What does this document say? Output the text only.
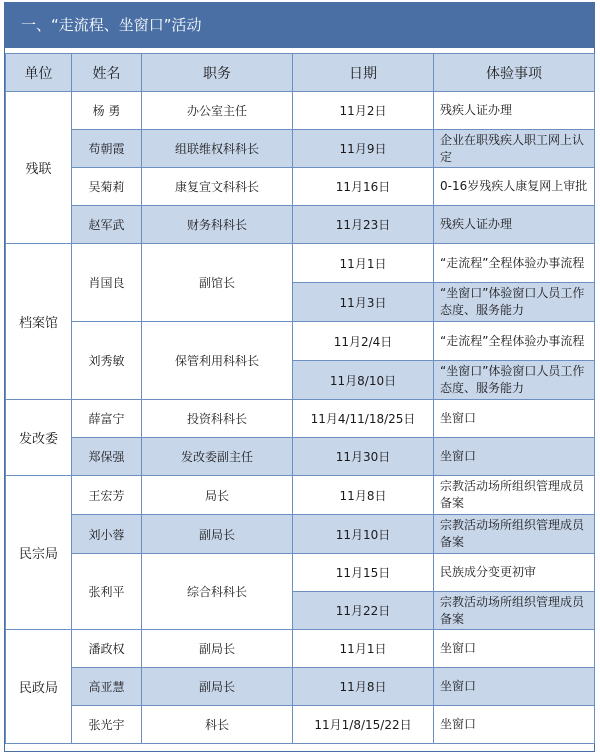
一、“走流程、坐窗口”活动
单位	姓名	职务	日期	体验事项
残联	杨 勇	办公室主任	11月2日	残疾人证办理
	苟朝霞	组联维权科科长	11月9日	企业在职残疾人职工网上认定
	吴菊莉	康复宣文科科长	11月16日	0-16岁残疾人康复网上审批
	赵军武	财务科科长	11月23日	残疾人证办理
档案馆	肖国良	副馆长	11月1日	“走流程”全程体验办事流程
			11月3日	“坐窗口”体验窗口人员工作态度、服务能力
	刘秀敏	保管利用科科长	11月2/4日	“走流程”全程体验办事流程
			11月8/10日	“坐窗口”体验窗口人员工作态度、服务能力
发改委	薛富宁	投资科科长	11月4/11/18/25日	坐窗口
	郑保强	发改委副主任	11月30日	坐窗口
民宗局	王宏芳	局长	11月8日	宗教活动场所组织管理成员备案
	刘小蓉	副局长	11月10日	宗教活动场所组织管理成员备案
	张利平	综合科科长	11月15日	民族成分变更初审
			11月22日	宗教活动场所组织管理成员备案
民政局	潘政权	副局长	11月1日	坐窗口
	高亚慧	副局长	11月8日	坐窗口
	张光宇	科长	11月1/8/15/22日	坐窗口
